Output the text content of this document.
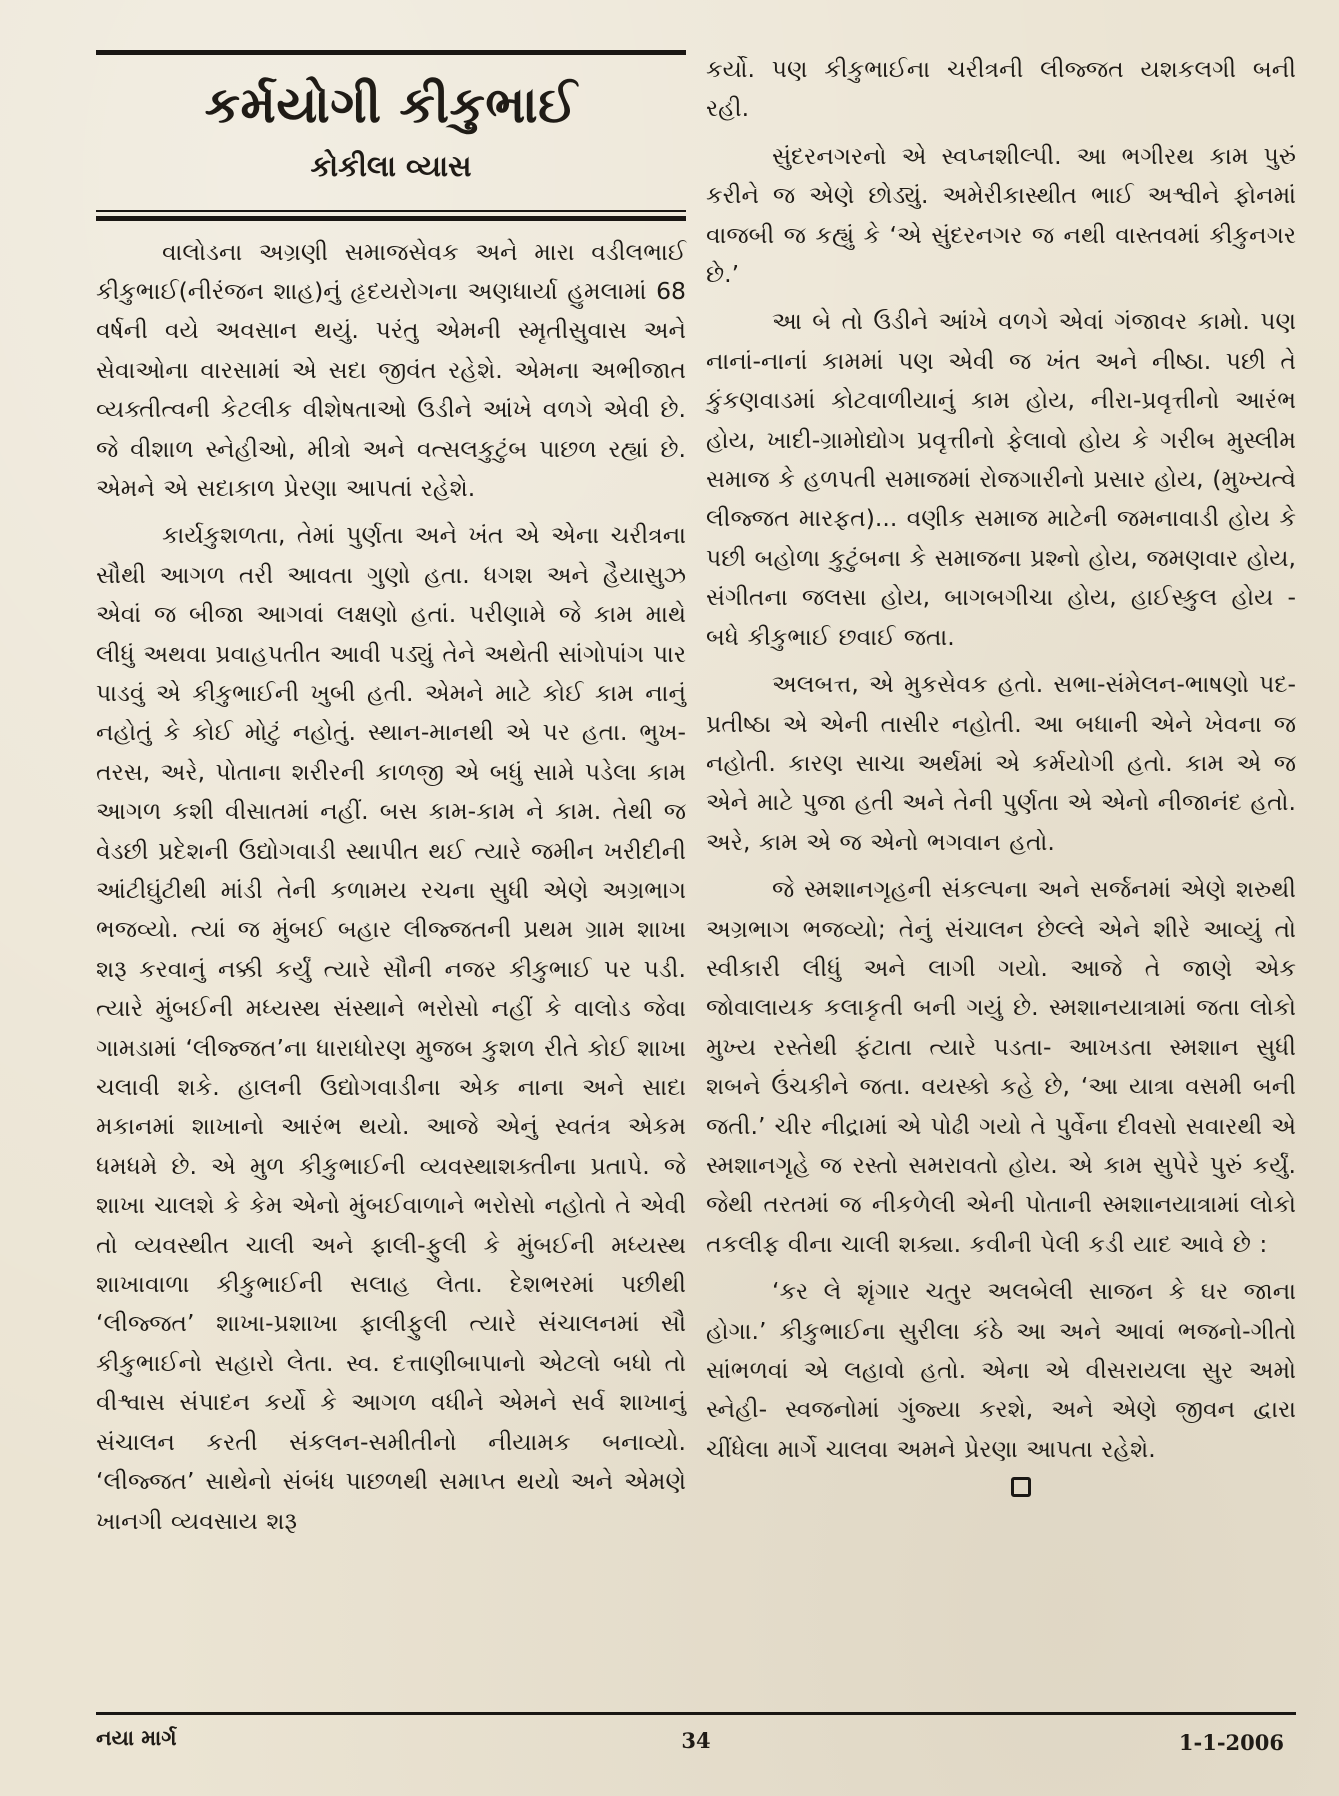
કર્મયોગી કીકુભાઈ
કોકીલા વ્યાસ

વાલોડના અગ્રણી સમાજસેવક અને મારા વડીલભાઈ કીકુભાઈ(નીરંજન શાહ)નું હૃદયરોગના અણધાર્યા હુમલામાં 68 વર્ષની વયે અવસાન થયું. પરંતુ એમની સ્મૃતીસુવાસ અને સેવાઓના વારસામાં એ સદા જીવંત રહેશે. એમના અભીજાત વ્યક્તીત્વની કેટલીક વીશેષતાઓ ઉડીને આંખે વળગે એવી છે. જે વીશાળ સ્નેહીઓ, મીત્રો અને વત્સલકુટુંબ પાછળ રહ્યાં છે. એમને એ સદાકાળ પ્રેરણા આપતાં રહેશે.

કાર્યકુશળતા, તેમાં પુર્ણતા અને ખંત એ એના ચરીત્રના સૌથી આગળ તરી આવતા ગુણો હતા. ધગશ અને હૈયાસુઝ એવાં જ બીજા આગવાં લક્ષણો હતાં. પરીણામે જે કામ માથે લીધું અથવા પ્રવાહપતીત આવી પડ્યું તેને અથેતી સાંગોપાંગ પાર પાડવું એ કીકુભાઈની ખુબી હતી. એમને માટે કોઈ કામ નાનું નહોતું કે કોઈ મોટું નહોતું. સ્થાન-માનથી એ પર હતા. ભુખ-તરસ, અરે, પોતાના શરીરની કાળજી એ બધું સામે પડેલા કામ આગળ કશી વીસાતમાં નહીં. બસ કામ-કામ ને કામ. તેથી જ વેડછી પ્રદેશની ઉદ્યોગવાડી સ્થાપીત થઈ ત્યારે જમીન ખરીદીની આંટીઘુંટીથી માંડી તેની કળામય રચના સુધી એણે અગ્રભાગ ભજવ્યો. ત્યાં જ મુંબઈ બહાર લીજ્જતની પ્રથમ ગ્રામ શાખા શરૂ કરવાનું નક્કી કર્યું ત્યારે સૌની નજર કીકુભાઈ પર પડી. ત્યારે મુંબઈની મધ્યસ્થ સંસ્થાને ભરોસો નહીં કે વાલોડ જેવા ગામડામાં ‘લીજ્જત’ના ધારાધોરણ મુજબ કુશળ રીતે કોઈ શાખા ચલાવી શકે. હાલની ઉદ્યોગવાડીના એક નાના અને સાદા મકાનમાં શાખાનો આરંભ થયો. આજે એનું સ્વતંત્ર એકમ ધમધમે છે. એ મુળ કીકુભાઈની વ્યવસ્થાશક્તીના પ્રતાપે. જે શાખા ચાલશે કે કેમ એનો મુંબઈવાળાને ભરોસો નહોતો તે એવી તો વ્યવસ્થીત ચાલી અને ફાલી-ફુલી કે મુંબઈની મધ્યસ્થ શાખાવાળા કીકુભાઈની સલાહ લેતા. દેશભરમાં પછીથી ‘લીજ્જત’ શાખા-પ્રશાખા ફાલીફુલી ત્યારે સંચાલનમાં સૌ કીકુભાઈનો સહારો લેતા. સ્વ. દત્તાણીબાપાનો એટલો બધો તો વીશ્વાસ સંપાદન કર્યો કે આગળ વધીને એમને સર્વ શાખાનું સંચાલન કરતી સંકલન-સમીતીનો નીયામક બનાવ્યો. ‘લીજ્જત’ સાથેનો સંબંધ પાછળથી સમાપ્ત થયો અને એમણે ખાનગી વ્યવસાય શરૂ

કર્યો. પણ કીકુભાઈના ચરીત્રની લીજ્જત યશકલગી બની રહી.

સુંદરનગરનો એ સ્વપ્નશીલ્પી. આ ભગીરથ કામ પુરું કરીને જ એણે છોડ્યું. અમેરીકાસ્થીત ભાઈ અશ્વીને ફોનમાં વાજબી જ કહ્યું કે ‘એ સુંદરનગર જ નથી વાસ્તવમાં કીકુનગર છે.’

આ બે તો ઉડીને આંખે વળગે એવાં ગંજાવર કામો. પણ નાનાં-નાનાં કામમાં પણ એવી જ ખંત અને નીષ્ઠા. પછી તે કુંકણવાડમાં કોટવાળીયાનું કામ હોય, નીરા-પ્રવૃત્તીનો આરંભ હોય, ખાદી-ગ્રામોદ્યોગ પ્રવૃત્તીનો ફેલાવો હોય કે ગરીબ મુસ્લીમ સમાજ કે હળપતી સમાજમાં રોજગારીનો પ્રસાર હોય, (મુખ્યત્વે લીજ્જત મારફત)... વણીક સમાજ માટેની જમનાવાડી હોય કે પછી બહોળા કુટુંબના કે સમાજના પ્રશ્નો હોય, જમણવાર હોય, સંગીતના જલસા હોય, બાગબગીચા હોય, હાઈસ્કુલ હોય - બધે કીકુભાઈ છવાઈ જતા.

અલબત્ત, એ મુકસેવક હતો. સભા-સંમેલન-ભાષણો પદ-પ્રતીષ્ઠા એ એની તાસીર નહોતી. આ બધાની એને ખેવના જ નહોતી. કારણ સાચા અર્થમાં એ કર્મયોગી હતો. કામ એ જ એને માટે પુજા હતી અને તેની પુર્ણતા એ એનો નીજાનંદ હતો. અરે, કામ એ જ એનો ભગવાન હતો.

જે સ્મશાનગૃહની સંકલ્પના અને સર્જનમાં એણે શરુથી અગ્રભાગ ભજવ્યો; તેનું સંચાલન છેલ્લે એને શીરે આવ્યું તો સ્વીકારી લીધું અને લાગી ગયો. આજે તે જાણે એક જોવાલાયક કલાકૃતી બની ગયું છે. સ્મશાનયાત્રામાં જતા લોકો મુખ્ય રસ્તેથી ફંટાતા ત્યારે પડતા- આખડતા સ્મશાન સુધી શબને ઉંચકીને જતા. વયસ્કો કહે છે, ‘આ યાત્રા વસમી બની જતી.’ ચીર નીદ્રામાં એ પોઢી ગયો તે પુર્વેના દીવસો સવારથી એ સ્મશાનગૃહે જ રસ્તો સમરાવતો હોય. એ કામ સુપેરે પુરું કર્યું. જેથી તરતમાં જ નીકળેલી એની પોતાની સ્મશાનયાત્રામાં લોકો તકલીફ વીના ચાલી શક્યા. કવીની પેલી કડી યાદ આવે છે :

‘કર લે શૃંગાર ચતુર અલબેલી સાજન કે ઘર જાના હોગા.’ કીકુભાઈના સુરીલા કંઠે આ અને આવાં ભજનો-ગીતો સાંભળવાં એ લહાવો હતો. એના એ વીસરાયલા સુર અમો સ્નેહી- સ્વજનોમાં ગુંજ્યા કરશે, અને એણે જીવન દ્વારા ચીંધેલા માર્ગે ચાલવા અમને પ્રેરણા આપતા રહેશે.

નયા માર્ગ	34	1-1-2006
